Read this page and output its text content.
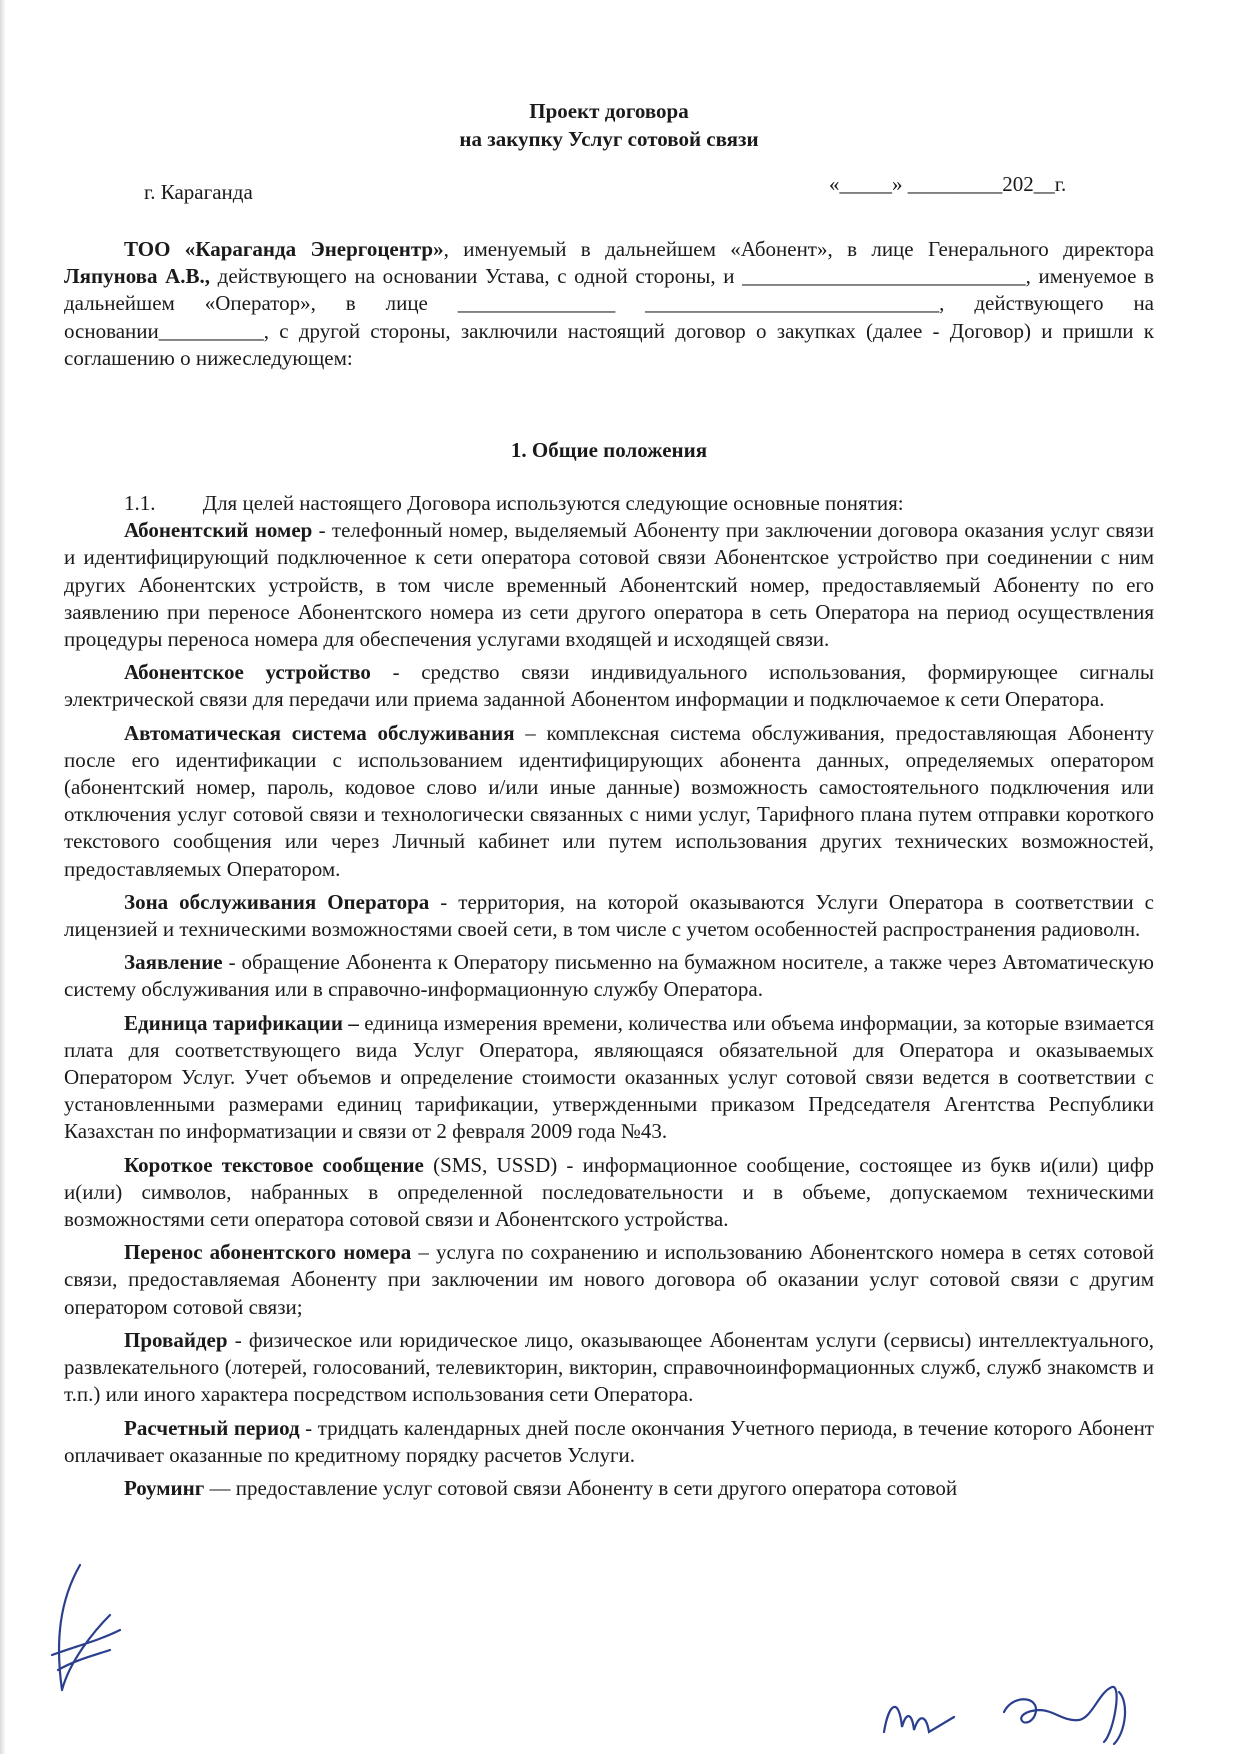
Проект договора
на закупку Услуг сотовой связи
г. Караганда	«_____» _________202__г.

ТОО «Караганда Энергоцентр», именуемый в дальнейшем «Абонент», в лице Генерального директора Ляпунова А.В., действующего на основании Устава, с одной стороны, и ___________________________, именуемое в дальнейшем «Оператор», в лице _______________ ____________________________, действующего на основании__________, с другой стороны, заключили настоящий договор о закупках (далее - Договор) и пришли к соглашению о нижеследующем:

1. Общие положения

1.1. Для целей настоящего Договора используются следующие основные понятия:

Абонентский номер - телефонный номер, выделяемый Абоненту при заключении договора оказания услуг связи и идентифицирующий подключенное к сети оператора сотовой связи Абонентское устройство при соединении с ним других Абонентских устройств, в том числе временный Абонентский номер, предоставляемый Абоненту по его заявлению при переносе Абонентского номера из сети другого оператора в сеть Оператора на период осуществления процедуры переноса номера для обеспечения услугами входящей и исходящей связи.

Абонентское устройство - средство связи индивидуального использования, формирующее сигналы электрической связи для передачи или приема заданной Абонентом информации и подключаемое к сети Оператора.

Автоматическая система обслуживания – комплексная система обслуживания, предоставляющая Абоненту после его идентификации с использованием идентифицирующих абонента данных, определяемых оператором (абонентский номер, пароль, кодовое слово и/или иные данные) возможность самостоятельного подключения или отключения услуг сотовой связи и технологически связанных с ними услуг, Тарифного плана путем отправки короткого текстового сообщения или через Личный кабинет или путем использования других технических возможностей, предоставляемых Оператором.

Зона обслуживания Оператора - территория, на которой оказываются Услуги Оператора в соответствии с лицензией и техническими возможностями своей сети, в том числе с учетом особенностей распространения радиоволн.

Заявление - обращение Абонента к Оператору письменно на бумажном носителе, а также через Автоматическую систему обслуживания или в справочно-информационную службу Оператора.

Единица тарификации – единица измерения времени, количества или объема информации, за которые взимается плата для соответствующего вида Услуг Оператора, являющаяся обязательной для Оператора и оказываемых Оператором Услуг. Учет объемов и определение стоимости оказанных услуг сотовой связи ведется в соответствии с установленными размерами единиц тарификации, утвержденными приказом Председателя Агентства Республики Казахстан по информатизации и связи от 2 февраля 2009 года №43.

Короткое текстовое сообщение (SMS, USSD) - информационное сообщение, состоящее из букв и(или) цифр и(или) символов, набранных в определенной последовательности и в объеме, допускаемом техническими возможностями сети оператора сотовой связи и Абонентского устройства.

Перенос абонентского номера – услуга по сохранению и использованию Абонентского номера в сетях сотовой связи, предоставляемая Абоненту при заключении им нового договора об оказании услуг сотовой связи с другим оператором сотовой связи;

Провайдер - физическое или юридическое лицо, оказывающее Абонентам услуги (сервисы) интеллектуального, развлекательного (лотерей, голосований, телевикторин, викторин, справочноинформационных служб, служб знакомств и т.п.) или иного характера посредством использования сети Оператора.

Расчетный период - тридцать календарных дней после окончания Учетного периода, в течение которого Абонент оплачивает оказанные по кредитному порядку расчетов Услуги.

Роуминг — предоставление услуг сотовой связи Абоненту в сети другого оператора сотовой
